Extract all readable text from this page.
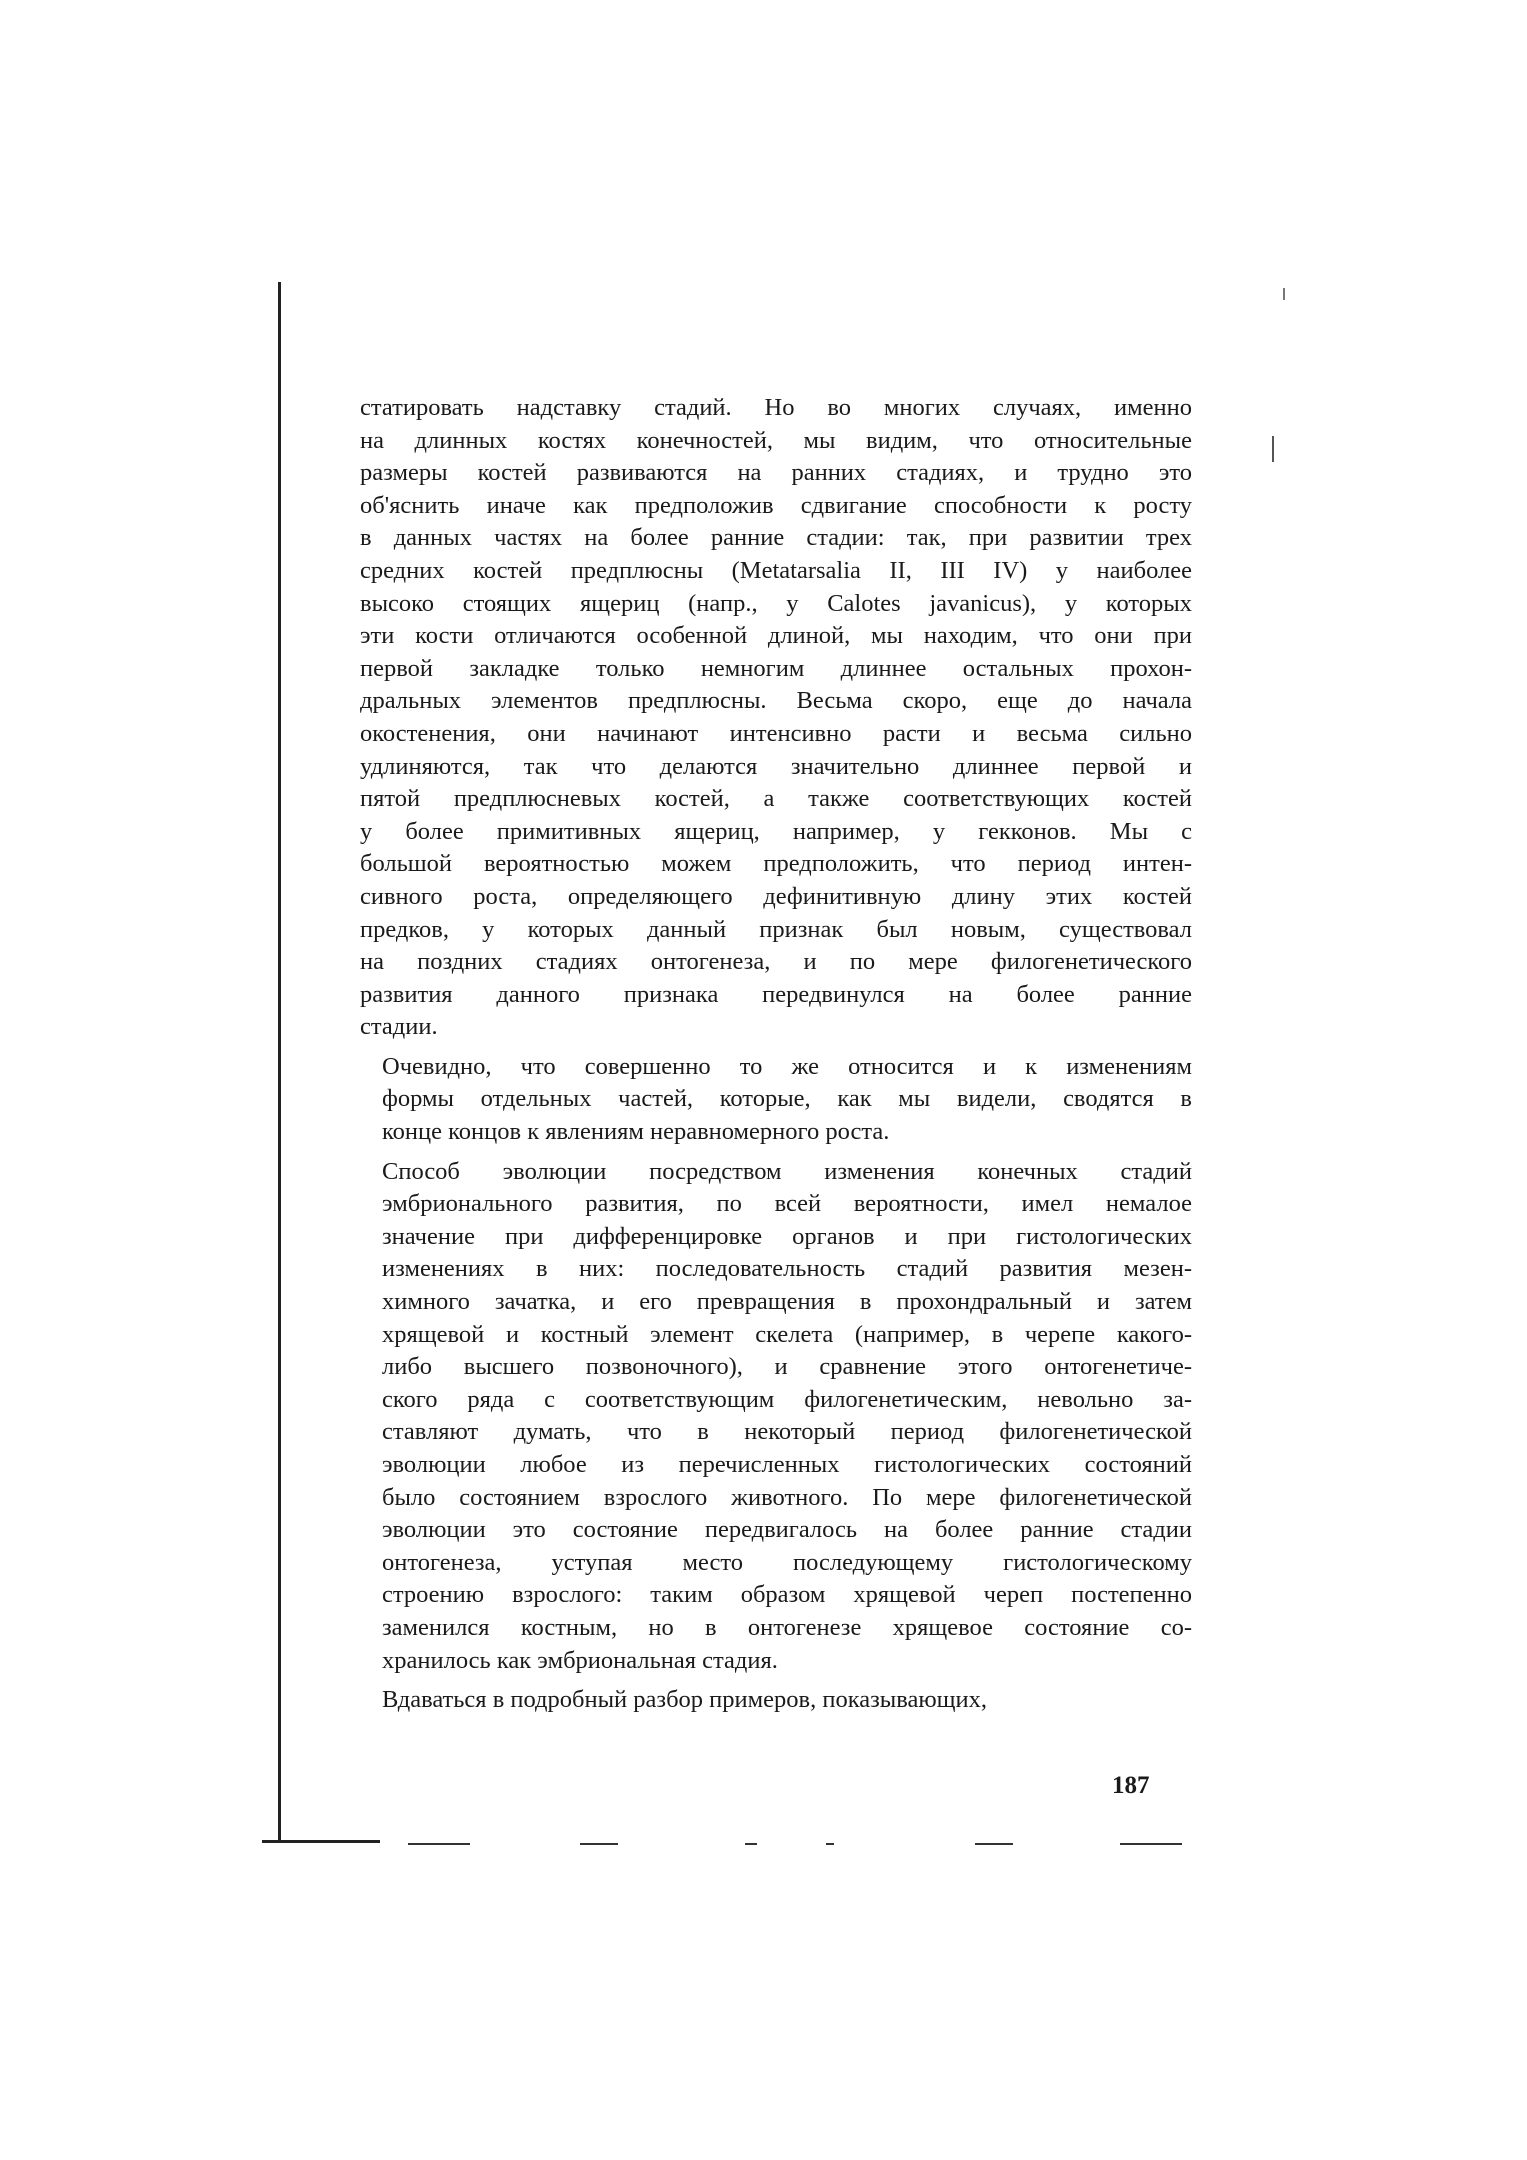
статировать надставку стадий. Но во многих случаях, именно
на длинных костях конечностей, мы видим, что относительные
размеры костей развиваются на ранних стадиях, и трудно это
об'яснить иначе как предположив сдвигание способности к росту
в данных частях на более ранние стадии: так, при развитии трех
средних костей предплюсны (Metatarsalia II, III IV) у наиболее
высоко стоящих ящериц (напр., у Calotes javanicus), у которых
эти кости отличаются особенной длиной, мы находим, что они при
первой закладке только немногим длиннее остальных прохон-
дральных элементов предплюсны. Весьма скоро, еще до начала
окостенения, они начинают интенсивно расти и весьма сильно
удлиняются, так что делаются значительно длиннее первой и
пятой предплюсневых костей, а также соответствующих костей
у более примитивных ящериц, например, у гекконов. Мы с
большой вероятностью можем предположить, что период интен-
сивного роста, определяющего дефинитивную длину этих костей
предков, у которых данный признак был новым, существовал
на поздних стадиях онтогенеза, и по мере филогенетического
развития данного признака передвинулся на более ранние
стадии.
Очевидно, что совершенно то же относится и к изменениям
формы отдельных частей, которые, как мы видели, сводятся в
конце концов к явлениям неравномерного роста.
Способ эволюции посредством изменения конечных стадий
эмбрионального развития, по всей вероятности, имел немалое
значение при дифференцировке органов и при гистологических
изменениях в них: последовательность стадий развития мезен-
химного зачатка, и его превращения в прохондральный и затем
хрящевой и костный элемент скелета (например, в черепе какого-
либо высшего позвоночного), и сравнение этого онтогенетиче-
ского ряда с соответствующим филогенетическим, невольно за-
ставляют думать, что в некоторый период филогенетической
эволюции любое из перечисленных гистологических состояний
было состоянием взрослого животного. По мере филогенетической
эволюции это состояние передвигалось на более ранние стадии
онтогенеза, уступая место последующему гистологическому
строению взрослого: таким образом хрящевой череп постепенно
заменился костным, но в онтогенезе хрящевое состояние со-
хранилось как эмбриональная стадия.
Вдаваться в подробный разбор примеров, показывающих,
187
